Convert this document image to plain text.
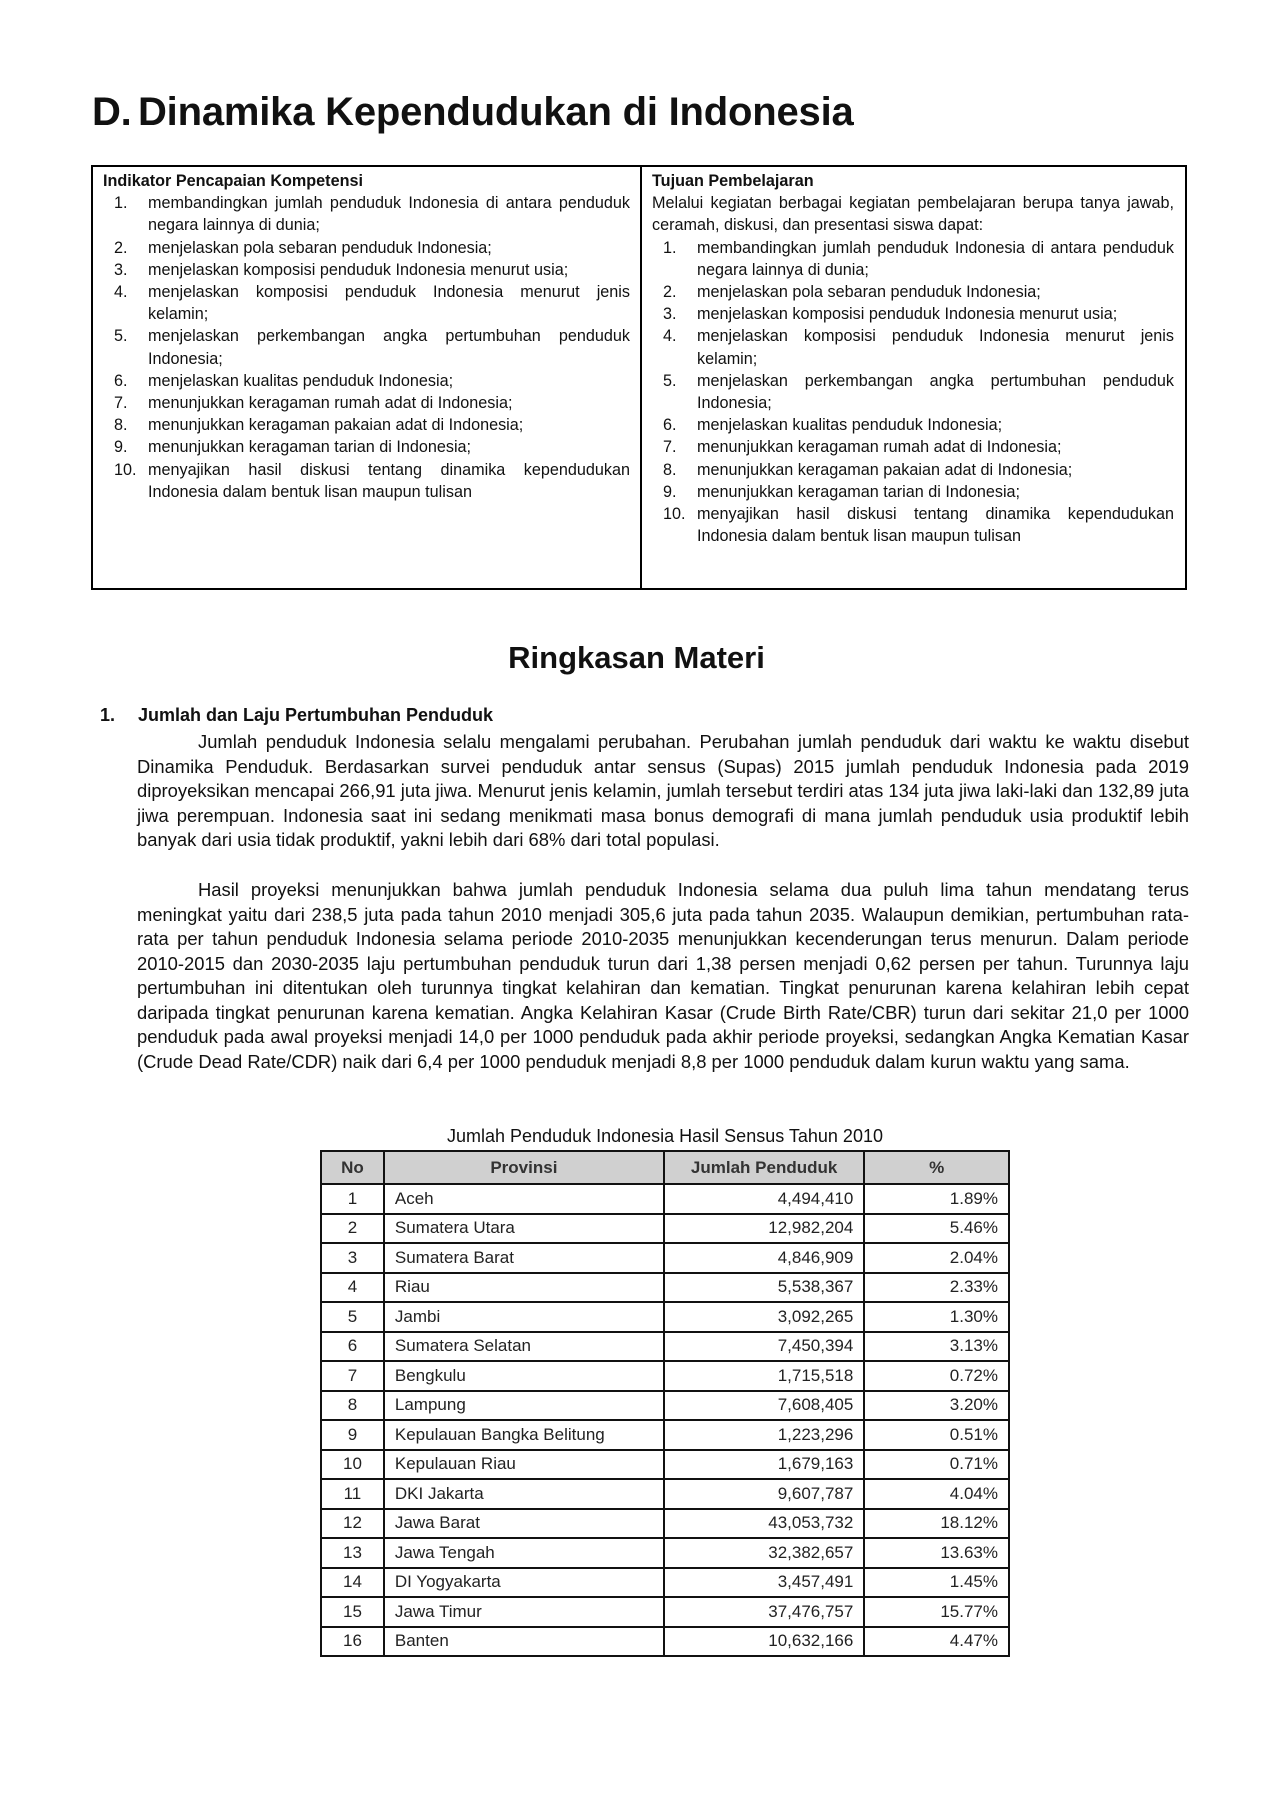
D. Dinamika Kependudukan di Indonesia
Indikator Pencapaian Kompetensi
1.	membandingkan jumlah penduduk Indonesia di antara penduduk negara lainnya di dunia;
2.	menjelaskan pola sebaran penduduk Indonesia;
3.	menjelaskan komposisi penduduk Indonesia menurut usia;
4.	menjelaskan komposisi penduduk Indonesia menurut jenis kelamin;
5.	menjelaskan perkembangan angka pertumbuhan penduduk Indonesia;
6.	menjelaskan kualitas penduduk Indonesia;
7.	menunjukkan keragaman rumah adat di Indonesia;
8.	menunjukkan keragaman pakaian adat di Indonesia;
9.	menunjukkan keragaman tarian di Indonesia;
10. menyajikan hasil diskusi tentang dinamika kependudukan Indonesia dalam bentuk lisan maupun tulisan
Tujuan Pembelajaran
Melalui kegiatan berbagai kegiatan pembelajaran berupa tanya jawab, ceramah, diskusi, dan presentasi siswa dapat:
1.	membandingkan jumlah penduduk Indonesia di antara penduduk negara lainnya di dunia;
2.	menjelaskan pola sebaran penduduk Indonesia;
3.	menjelaskan komposisi penduduk Indonesia menurut usia;
4.	menjelaskan komposisi penduduk Indonesia menurut jenis kelamin;
5.	menjelaskan perkembangan angka pertumbuhan penduduk Indonesia;
6.	menjelaskan kualitas penduduk Indonesia;
7.	menunjukkan keragaman rumah adat di Indonesia;
8.	menunjukkan keragaman pakaian adat di Indonesia;
9.	menunjukkan keragaman tarian di Indonesia;
10. menyajikan hasil diskusi tentang dinamika kependudukan Indonesia dalam bentuk lisan maupun tulisan
Ringkasan Materi
1.	Jumlah dan Laju Pertumbuhan Penduduk

Jumlah penduduk Indonesia selalu mengalami perubahan. Perubahan jumlah penduduk dari waktu ke waktu disebut Dinamika Penduduk. Berdasarkan survei penduduk antar sensus (Supas) 2015 jumlah penduduk Indonesia pada 2019 diproyeksikan mencapai 266,91 juta jiwa. Menurut jenis kelamin, jumlah tersebut terdiri atas 134 juta jiwa laki-laki dan 132,89 juta jiwa perempuan. Indonesia saat ini sedang menikmati masa bonus demografi di mana jumlah penduduk usia produktif lebih banyak dari usia tidak produktif, yakni lebih dari 68% dari total populasi.

Hasil proyeksi menunjukkan bahwa jumlah penduduk Indonesia selama dua puluh lima tahun mendatang terus meningkat yaitu dari 238,5 juta pada tahun 2010 menjadi 305,6 juta pada tahun 2035. Walaupun demikian, pertumbuhan rata-rata per tahun penduduk Indonesia selama periode 2010-2035 menunjukkan kecenderungan terus menurun. Dalam periode 2010-2015 dan 2030-2035 laju pertumbuhan penduduk turun dari 1,38 persen menjadi 0,62 persen per tahun. Turunnya laju pertumbuhan ini ditentukan oleh turunnya tingkat kelahiran dan kematian. Tingkat penurunan karena kelahiran lebih cepat daripada tingkat penurunan karena kematian. Angka Kelahiran Kasar (Crude Birth Rate/CBR) turun dari sekitar 21,0 per 1000 penduduk pada awal proyeksi menjadi 14,0 per 1000 penduduk pada akhir periode proyeksi, sedangkan Angka Kematian Kasar (Crude Dead Rate/CDR) naik dari 6,4 per 1000 penduduk menjadi 8,8 per 1000 penduduk dalam kurun waktu yang sama.

Jumlah Penduduk Indonesia Hasil Sensus Tahun 2010

No	Provinsi	Jumlah Penduduk	%
1	Aceh	4,494,410	1.89%
2	Sumatera Utara	12,982,204	5.46%
3	Sumatera Barat	4,846,909	2.04%
4	Riau	5,538,367	2.33%
5	Jambi	3,092,265	1.30%
6	Sumatera Selatan	7,450,394	3.13%
7	Bengkulu	1,715,518	0.72%
8	Lampung	7,608,405	3.20%
9	Kepulauan Bangka Belitung	1,223,296	0.51%
10	Kepulauan Riau	1,679,163	0.71%
11	DKI Jakarta	9,607,787	4.04%
12	Jawa Barat	43,053,732	18.12%
13	Jawa Tengah	32,382,657	13.63%
14	DI Yogyakarta	3,457,491	1.45%
15	Jawa Timur	37,476,757	15.77%
16	Banten	10,632,166	4.47%
